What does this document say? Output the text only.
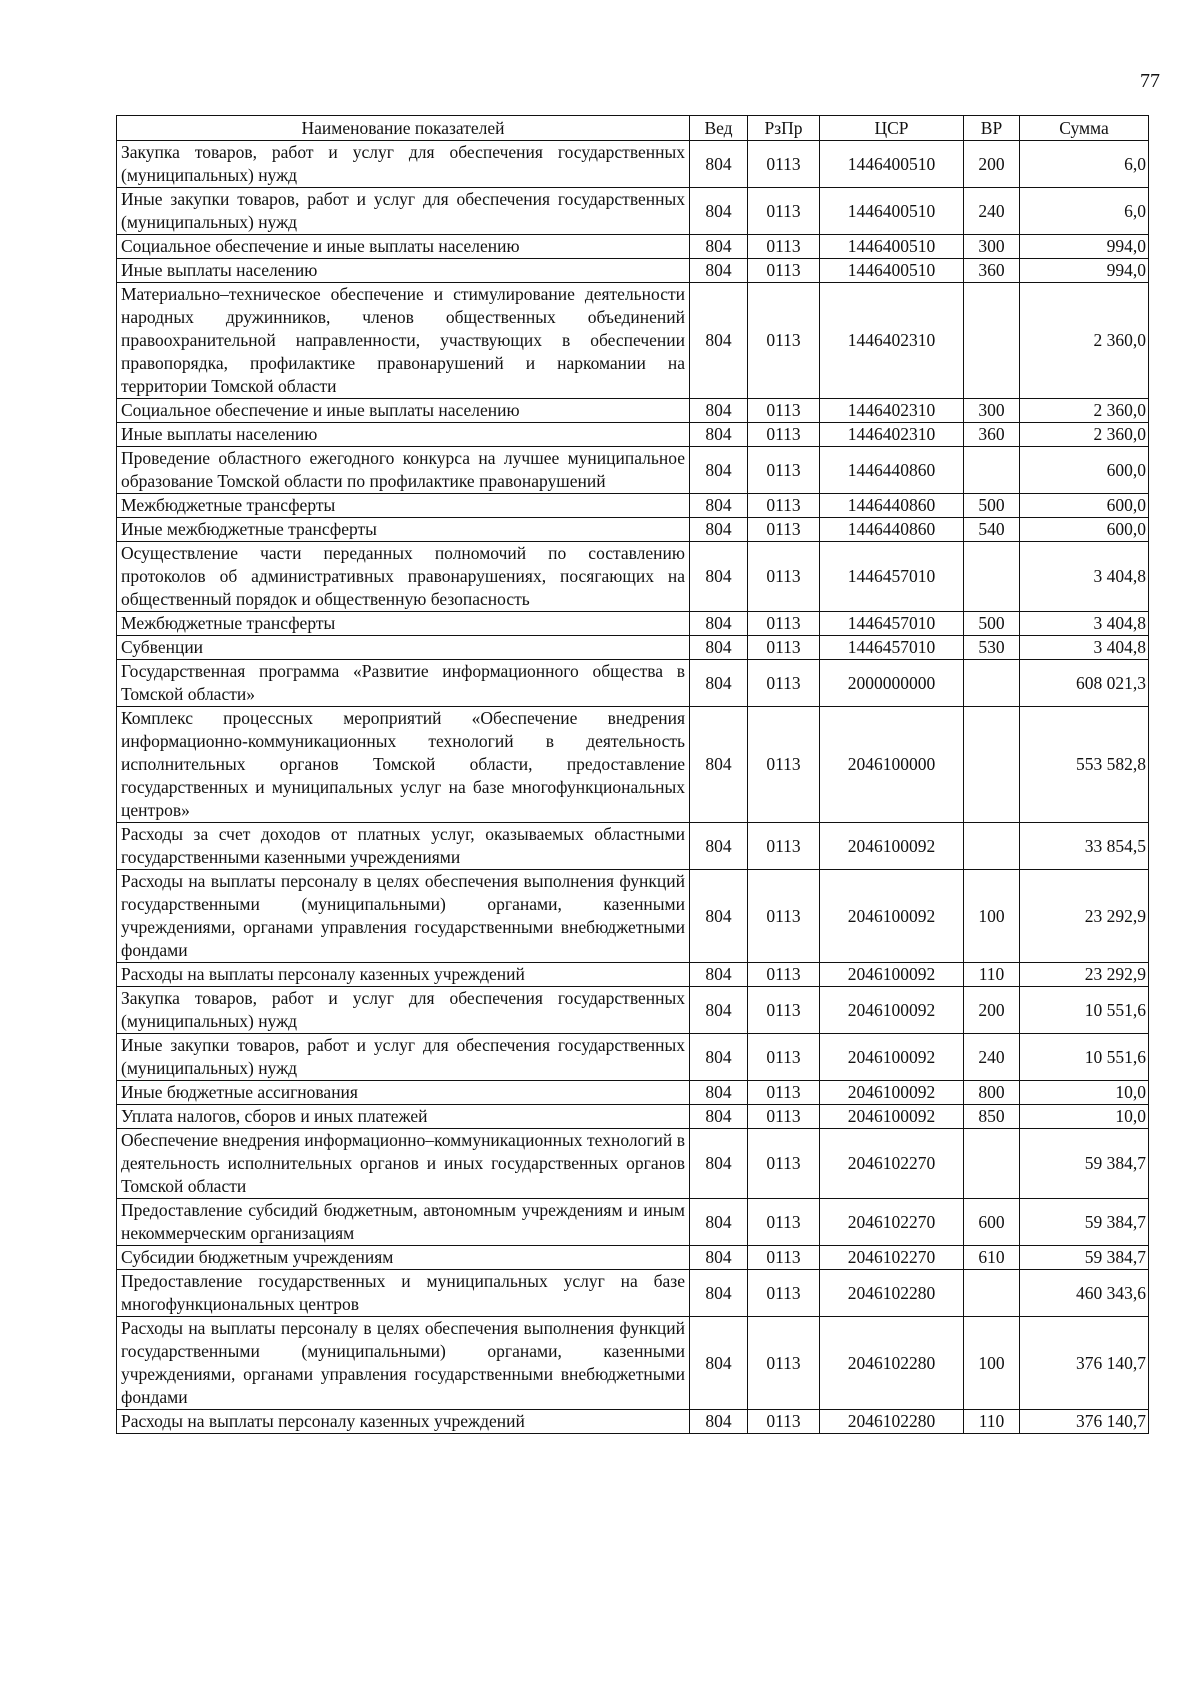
77
Наименование показателей	Вед	РзПр	ЦСР	ВР	Сумма
Закупка товаров, работ и услуг для обеспечения государственных (муниципальных) нужд	804	0113	1446400510	200	6,0
Иные закупки товаров, работ и услуг для обеспечения государственных (муниципальных) нужд	804	0113	1446400510	240	6,0
Социальное обеспечение и иные выплаты населению	804	0113	1446400510	300	994,0
Иные выплаты населению	804	0113	1446400510	360	994,0
Материально–техническое обеспечение и стимулирование деятельности народных дружинников, членов общественных объединений правоохранительной направленности, участвующих в обеспечении правопорядка, профилактике правонарушений и наркомании на территории Томской области	804	0113	1446402310		2 360,0
Социальное обеспечение и иные выплаты населению	804	0113	1446402310	300	2 360,0
Иные выплаты населению	804	0113	1446402310	360	2 360,0
Проведение областного ежегодного конкурса на лучшее муниципальное образование Томской области по профилактике правонарушений	804	0113	1446440860		600,0
Межбюджетные трансферты	804	0113	1446440860	500	600,0
Иные межбюджетные трансферты	804	0113	1446440860	540	600,0
Осуществление части переданных полномочий по составлению протоколов об административных правонарушениях, посягающих на общественный порядок и общественную безопасность	804	0113	1446457010		3 404,8
Межбюджетные трансферты	804	0113	1446457010	500	3 404,8
Субвенции	804	0113	1446457010	530	3 404,8
Государственная программа «Развитие информационного общества в Томской области»	804	0113	2000000000		608 021,3
Комплекс процессных мероприятий «Обеспечение внедрения информационно-коммуникационных технологий в деятельность исполнительных органов Томской области, предоставление государственных и муниципальных услуг на базе многофункциональных центров»	804	0113	2046100000		553 582,8
Расходы за счет доходов от платных услуг, оказываемых областными государственными казенными учреждениями	804	0113	2046100092		33 854,5
Расходы на выплаты персоналу в целях обеспечения выполнения функций государственными (муниципальными) органами, казенными учреждениями, органами управления государственными внебюджетными фондами	804	0113	2046100092	100	23 292,9
Расходы на выплаты персоналу казенных учреждений	804	0113	2046100092	110	23 292,9
Закупка товаров, работ и услуг для обеспечения государственных (муниципальных) нужд	804	0113	2046100092	200	10 551,6
Иные закупки товаров, работ и услуг для обеспечения государственных (муниципальных) нужд	804	0113	2046100092	240	10 551,6
Иные бюджетные ассигнования	804	0113	2046100092	800	10,0
Уплата налогов, сборов и иных платежей	804	0113	2046100092	850	10,0
Обеспечение внедрения информационно–коммуникационных технологий в деятельность исполнительных органов и иных государственных органов Томской области	804	0113	2046102270		59 384,7
Предоставление субсидий бюджетным, автономным учреждениям и иным некоммерческим организациям	804	0113	2046102270	600	59 384,7
Субсидии бюджетным учреждениям	804	0113	2046102270	610	59 384,7
Предоставление государственных и муниципальных услуг на базе многофункциональных центров	804	0113	2046102280		460 343,6
Расходы на выплаты персоналу в целях обеспечения выполнения функций государственными (муниципальными) органами, казенными учреждениями, органами управления государственными внебюджетными фондами	804	0113	2046102280	100	376 140,7
Расходы на выплаты персоналу казенных учреждений	804	0113	2046102280	110	376 140,7
